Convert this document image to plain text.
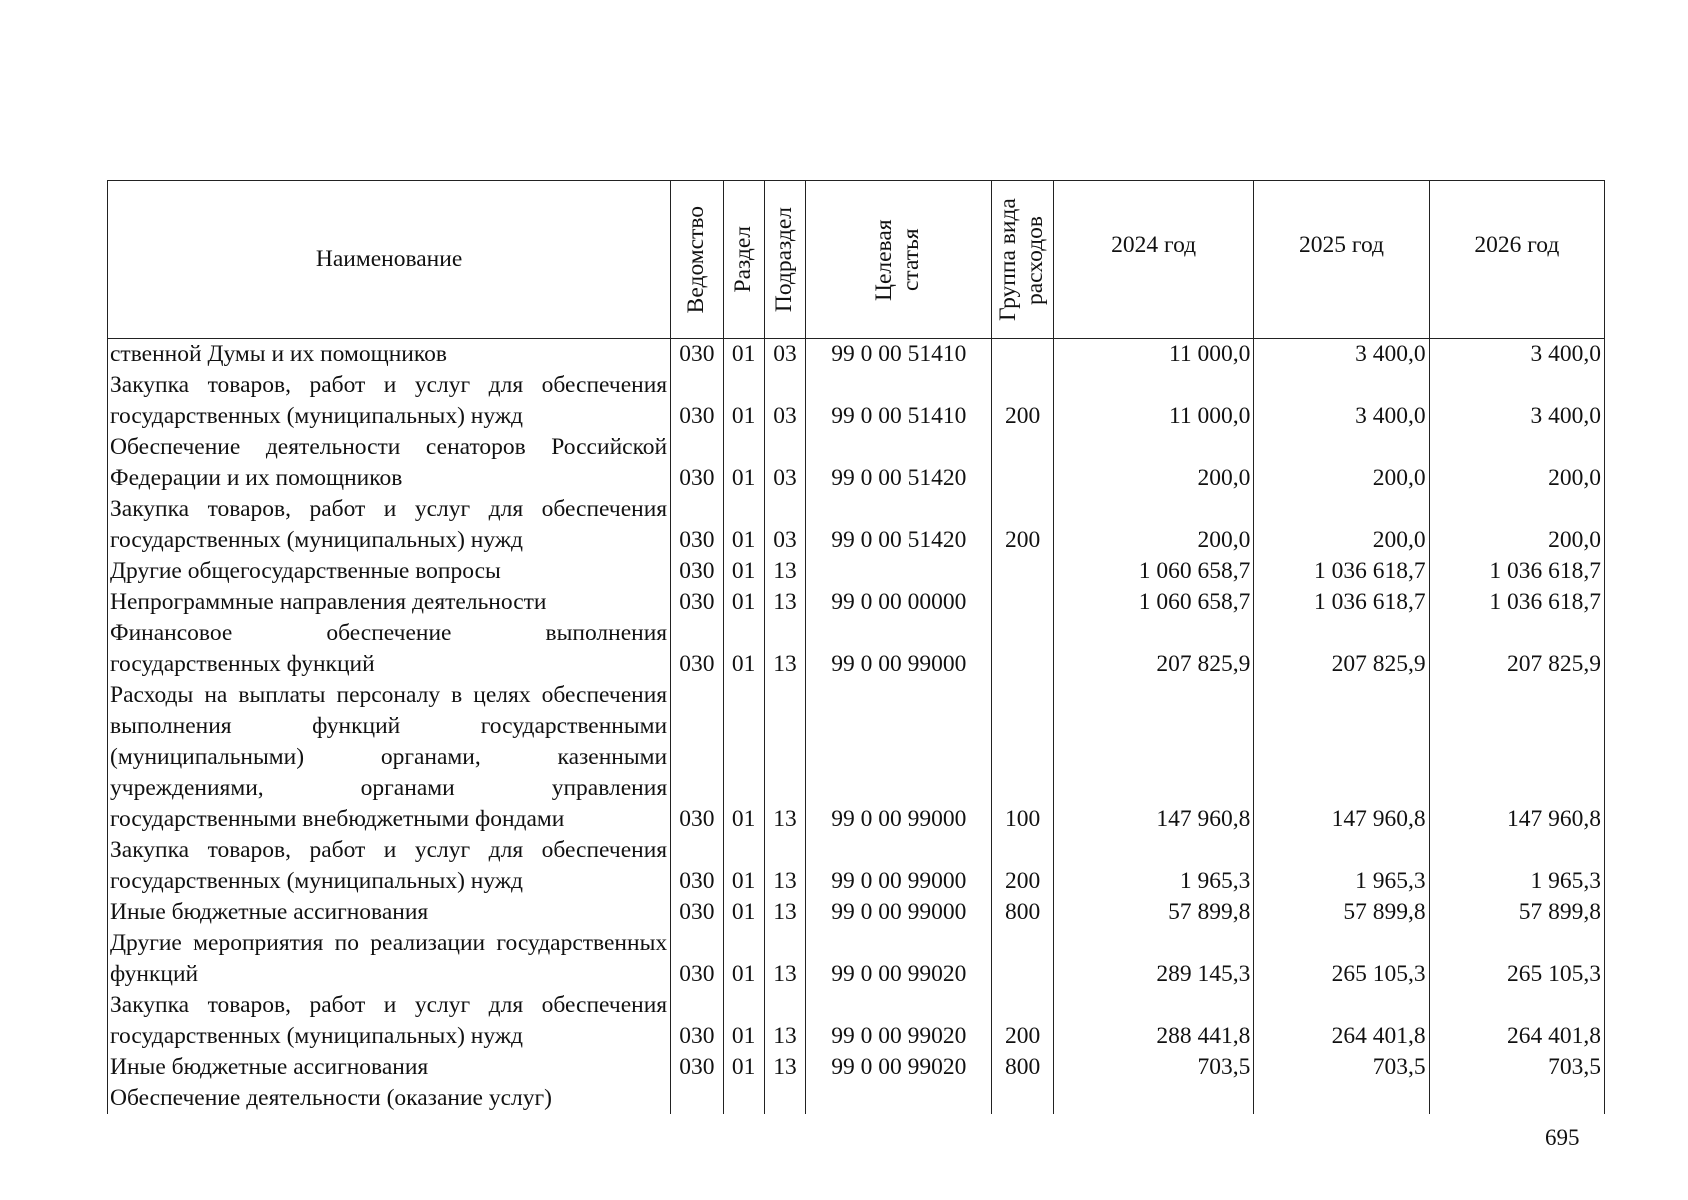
Наименование	Ведомство	Раздел	Подраздел	Целевая статья	Группа вида расходов	2024 год	2025 год	2026 год
ственной Думы и их помощников	030	01	03	99 0 00 51410		11 000,0	3 400,0	3 400,0
Закупка товаров, работ и услуг для обеспечения государственных (муниципальных) нужд	030	01	03	99 0 00 51410	200	11 000,0	3 400,0	3 400,0
Обеспечение деятельности сенаторов Российской Федерации и их помощников	030	01	03	99 0 00 51420		200,0	200,0	200,0
Закупка товаров, работ и услуг для обеспечения государственных (муниципальных) нужд	030	01	03	99 0 00 51420	200	200,0	200,0	200,0
Другие общегосударственные вопросы	030	01	13			1 060 658,7	1 036 618,7	1 036 618,7
Непрограммные направления деятельности	030	01	13	99 0 00 00000		1 060 658,7	1 036 618,7	1 036 618,7
Финансовое обеспечение выполнения государственных функций	030	01	13	99 0 00 99000		207 825,9	207 825,9	207 825,9
Расходы на выплаты персоналу в целях обеспечения выполнения функций государственными (муниципальными) органами, казенными учреждениями, органами управления государственными внебюджетными фондами	030	01	13	99 0 00 99000	100	147 960,8	147 960,8	147 960,8
Закупка товаров, работ и услуг для обеспечения государственных (муниципальных) нужд	030	01	13	99 0 00 99000	200	1 965,3	1 965,3	1 965,3
Иные бюджетные ассигнования	030	01	13	99 0 00 99000	800	57 899,8	57 899,8	57 899,8
Другие мероприятия по реализации государственных функций	030	01	13	99 0 00 99020		289 145,3	265 105,3	265 105,3
Закупка товаров, работ и услуг для обеспечения государственных (муниципальных) нужд	030	01	13	99 0 00 99020	200	288 441,8	264 401,8	264 401,8
Иные бюджетные ассигнования	030	01	13	99 0 00 99020	800	703,5	703,5	703,5
Обеспечение деятельности (оказание услуг)								
695
